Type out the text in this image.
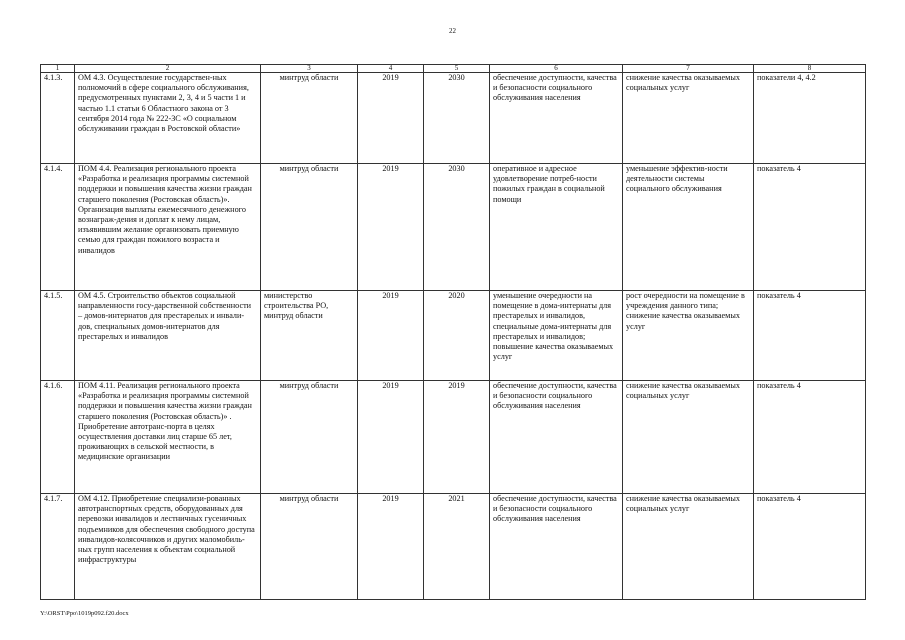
22
1	2	3	4	5	6	7	8
4.1.3.	ОМ 4.3. Осуществление государствен-ных полномочий в сфере социального обслуживания, предусмотренных пунктами 2, 3, 4 и 5 части 1 и частью 1.1 статьи 6 Областного закона от 3 сентября 2014 года № 222-ЗС «О социальном обслуживании граждан в Ростовской области»	минтруд области	2019	2030	обеспечение доступности, качества и безопасности социального обслуживания населения	снижение качества оказываемых социальных услуг	показатели 4, 4.2
4.1.4.	ПОМ 4.4. Реализация регионального проекта «Разработка и реализация программы системной поддержки и повышения качества жизни граждан старшего поколения (Ростовская область)». Организация выплаты ежемесячного денежного вознаграж-дения и доплат к нему лицам, изъявившим желание организовать приемную семью для граждан пожилого возраста и инвалидов	минтруд области	2019	2030	оперативное и адресное удовлетворение потреб-ности пожилых граждан в социальной помощи	уменьшение эффектив-ности деятельности системы социального обслуживания	показатель 4
4.1.5.	ОМ 4.5. Строительство объектов социальной направленности госу-дарственной собственности – домов-интернатов для престарелых и инвали-дов, специальных домов-интернатов для престарелых и инвалидов	министерство строительства РО, минтруд области	2019	2020	уменьшение очередности на помещение в дома-интернаты для престарелых и инвалидов, специальные дома-интернаты для престарелых и инвалидов; повышение качества оказываемых услуг	рост очередности на помещение в учреждения данного типа; снижение качества оказываемых услуг	показатель 4
4.1.6.	ПОМ 4.11. Реализация регионального проекта «Разработка и реализация программы системной поддержки и повышения качества жизни граждан старшего поколения (Ростовская область)» . Приобретение автотранс-порта в целях осуществления доставки лиц старше 65 лет, проживающих в сельской местности, в медицинские организации	минтруд области	2019	2019	обеспечение доступности, качества и безопасности социального обслуживания населения	снижение качества оказываемых социальных услуг	показатель 4
4.1.7.	ОМ 4.12. Приобретение специализи-рованных автотранспортных средств, оборудованных для перевозки инвалидов и лестничных гусеничных подъемников для обеспечения свободного доступа инвалидов-колясочников и других маломобиль-ных групп населения к объектам социальной инфраструктуры	минтруд области	2019	2021	обеспечение доступности, качества и безопасности социального обслуживания населения	снижение качества оказываемых социальных услуг	показатель 4
Y:\ORST\Ppo\1019p092.f20.docx
